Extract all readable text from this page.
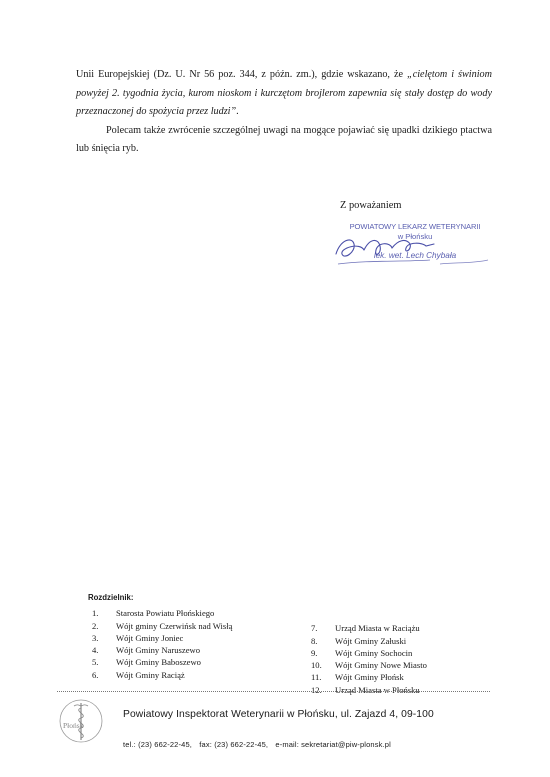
Unii Europejskiej (Dz. U. Nr 56 poz. 344, z późn. zm.), gdzie wskazano, że „cielętom i świniom powyżej 2. tygodnia życia, kurom nioskom i kurczętom brojlerom zapewnia się stały dostęp do wody przeznaczonej do spożycia przez ludzi”.

Polecam także zwrócenie szczególnej uwagi na mogące pojawiać się upadki dzikiego ptactwa lub śnięcia ryb.

Z poważaniem
POWIATOWY LEKARZ WETERYNARII
w Płońsku
lek. wet. Lech Chybała
Rozdzielnik:
1.	Starosta Powiatu Płońskiego
2.	Wójt gminy Czerwińsk nad Wisłą
3.	Wójt Gminy Joniec
4.	Wójt Gminy Naruszewo
5.	Wójt Gminy Baboszewo
6.	Wójt Gminy Raciąż
7.	Urząd Miasta w Raciążu
8.	Wójt Gminy Załuski
9.	Wójt Gminy Sochocin
10.	Wójt Gminy Nowe Miasto
11.	Wójt Gminy Płońsk
12.	Urząd Miasta w Płońsku
Płońsk
Powiatowy Inspektorat Weterynarii w Płońsku, ul. Zajazd 4, 09-100
tel.: (23) 662-22-45, fax: (23) 662-22-45, e-mail: sekretariat@piw-plonsk.pl
